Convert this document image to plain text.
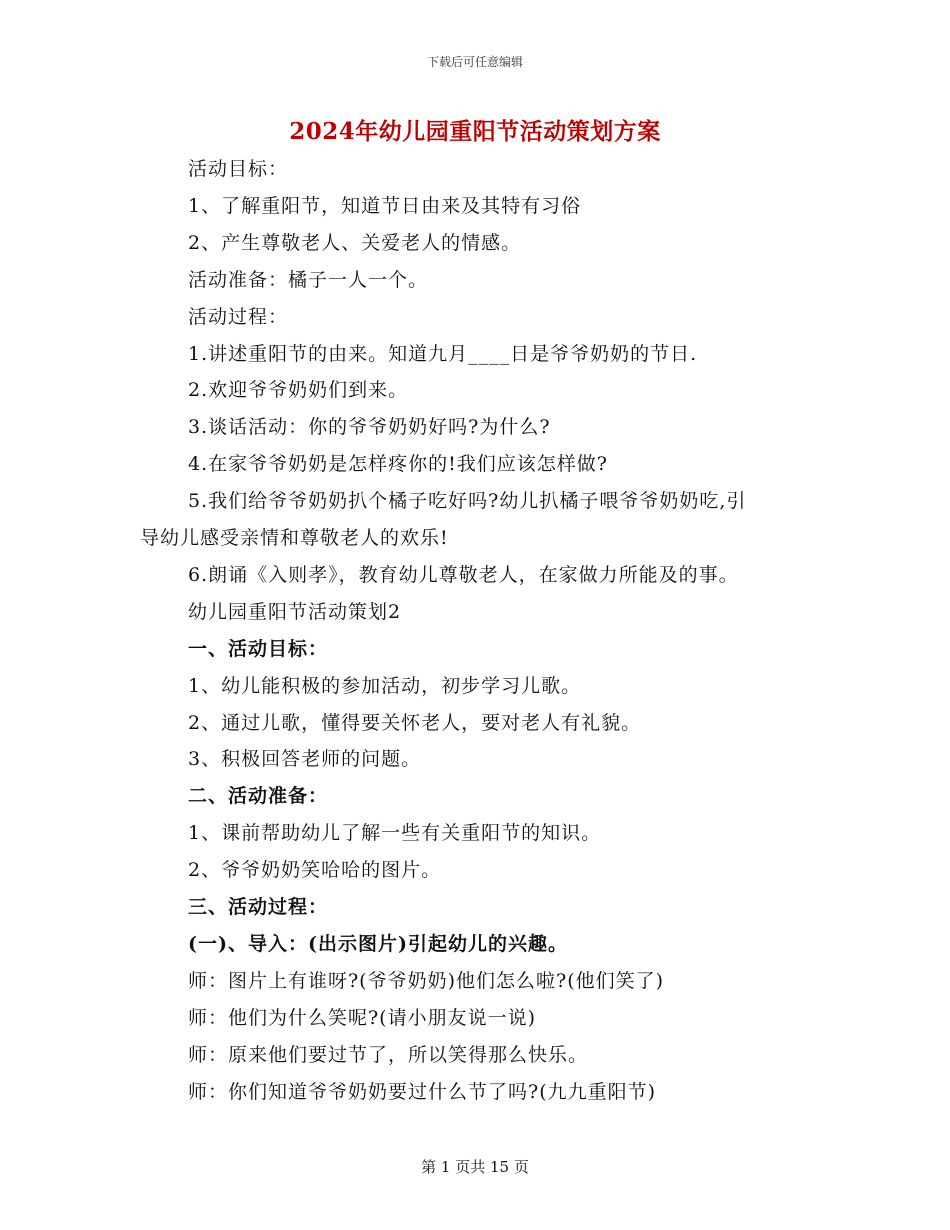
下载后可任意编辑
2024年幼儿园重阳节活动策划方案
活动目标：
1、了解重阳节，知道节日由来及其特有习俗
2、产生尊敬老人、关爱老人的情感。
活动准备：橘子一人一个。
活动过程：
1.讲述重阳节的由来。知道九月____日是爷爷奶奶的节日.
2.欢迎爷爷奶奶们到来。
3.谈话活动：你的爷爷奶奶好吗?为什么?
4.在家爷爷奶奶是怎样疼你的!我们应该怎样做?
5.我们给爷爷奶奶扒个橘子吃好吗?幼儿扒橘子喂爷爷奶奶吃,引
导幼儿感受亲情和尊敬老人的欢乐!
6.朗诵《入则孝》，教育幼儿尊敬老人，在家做力所能及的事。
幼儿园重阳节活动策划2
一、活动目标：
1、幼儿能积极的参加活动，初步学习儿歌。
2、通过儿歌，懂得要关怀老人，要对老人有礼貌。
3、积极回答老师的问题。
二、活动准备：
1、课前帮助幼儿了解一些有关重阳节的知识。
2、爷爷奶奶笑哈哈的图片。
三、活动过程：
(一)、导入：(出示图片)引起幼儿的兴趣。
师：图片上有谁呀?(爷爷奶奶)他们怎么啦?(他们笑了)
师：他们为什么笑呢?(请小朋友说一说)
师：原来他们要过节了，所以笑得那么快乐。
师：你们知道爷爷奶奶要过什么节了吗?(九九重阳节)
第 1 页共 15 页
